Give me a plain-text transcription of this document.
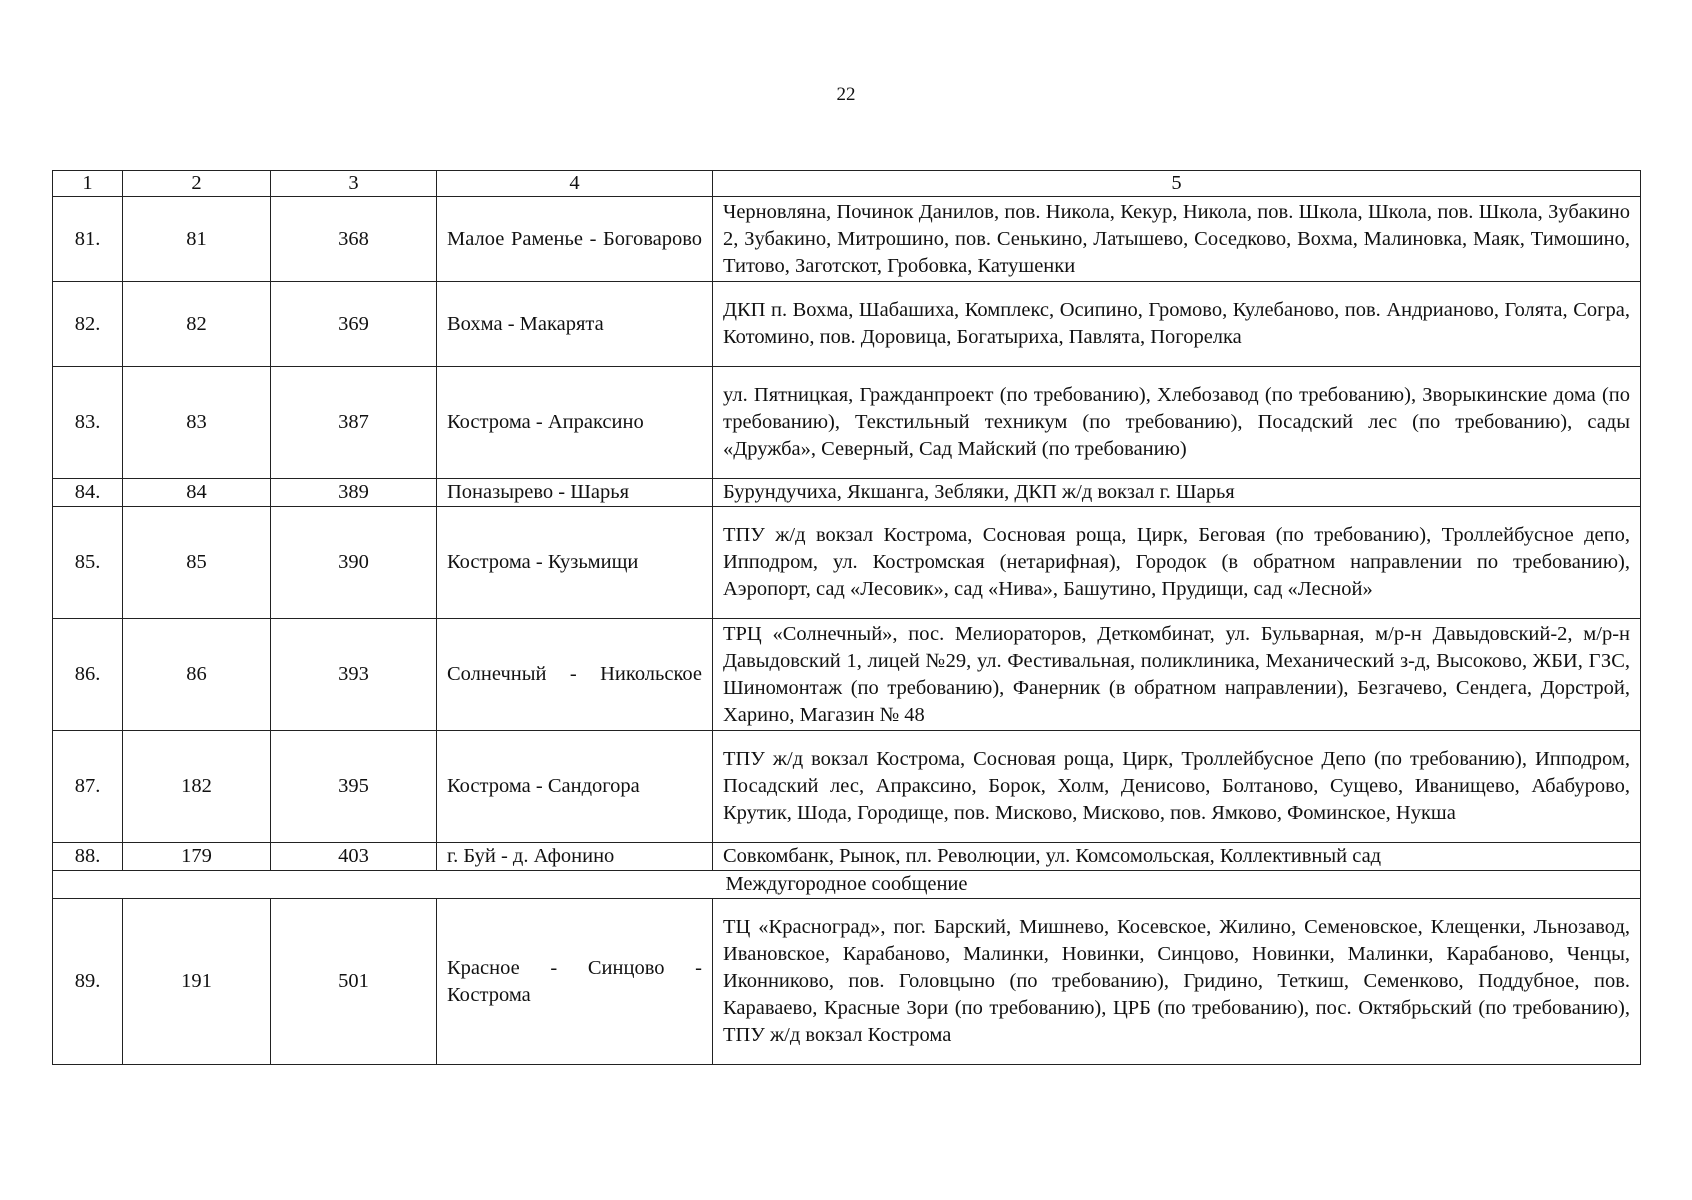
22
1	2	3	4	5
81.	81	368	Малое Раменье - Боговарово	Черновляна, Починок Данилов, пов. Никола, Кекур, Никола, пов. Школа, Школа, пов. Школа, Зубакино 2, Зубакино, Митрошино, пов. Сенькино, Латышево, Соседково, Вохма, Малиновка, Маяк, Тимошино, Титово, Заготскот, Гробовка, Катушенки
82.	82	369	Вохма - Макарята	ДКП п. Вохма, Шабашиха, Комплекс, Осипино, Громово, Кулебаново, пов. Андрианово, Голята, Согра, Котомино, пов. Доровица, Богатыриха, Павлята, Погорелка
83.	83	387	Кострома - Апраксино	ул. Пятницкая, Гражданпроект (по требованию), Хлебозавод (по требованию), Зворыкинские дома (по требованию), Текстильный техникум (по требованию), Посадский лес (по требованию), сады «Дружба», Северный, Сад Майский (по требованию)
84.	84	389	Поназырево - Шарья	Бурундучиха, Якшанга, Зебляки, ДКП ж/д вокзал г. Шарья
85.	85	390	Кострома - Кузьмищи	ТПУ ж/д вокзал Кострома, Сосновая роща, Цирк, Беговая (по требованию), Троллейбусное депо, Ипподром, ул. Костромская (нетарифная), Городок (в обратном направлении по требованию), Аэропорт, сад «Лесовик», сад «Нива», Башутино, Прудищи, сад «Лесной»
86.	86	393	Солнечный - Никольское	ТРЦ «Солнечный», пос. Мелиораторов, Деткомбинат, ул. Бульварная, м/р-н Давыдовский-2, м/р-н Давыдовский 1, лицей №29, ул. Фестивальная, поликлиника, Механический з-д, Высоково, ЖБИ, ГЗС, Шиномонтаж (по требованию), Фанерник (в обратном направлении), Безгачево, Сендега, Дорстрой, Харино, Магазин № 48
87.	182	395	Кострома - Сандогора	ТПУ ж/д вокзал Кострома, Сосновая роща, Цирк, Троллейбусное Депо (по требованию), Ипподром, Посадский лес, Апраксино, Борок, Холм, Денисово, Болтаново, Сущево, Иванищево, Абабурово, Крутик, Шода, Городище, пов. Мисково, Мисково, пов. Ямково, Фоминское, Нукша
88.	179	403	г. Буй - д. Афонино	Совкомбанк, Рынок, пл. Революции, ул. Комсомольская, Коллективный сад
Междугородное сообщение				
89.	191	501	Красное - Синцово - Кострома	ТЦ «Красноград», пог. Барский, Мишнево, Косевское, Жилино, Семеновское, Клещенки, Льнозавод, Ивановское, Карабаново, Малинки, Новинки, Синцово, Новинки, Малинки, Карабаново, Ченцы, Иконниково, пов. Головцыно (по требованию), Гридино, Теткиш, Семенково, Поддубное, пов. Караваево, Красные Зори (по требованию), ЦРБ (по требованию), пос. Октябрьский (по требованию), ТПУ ж/д вокзал Кострома
